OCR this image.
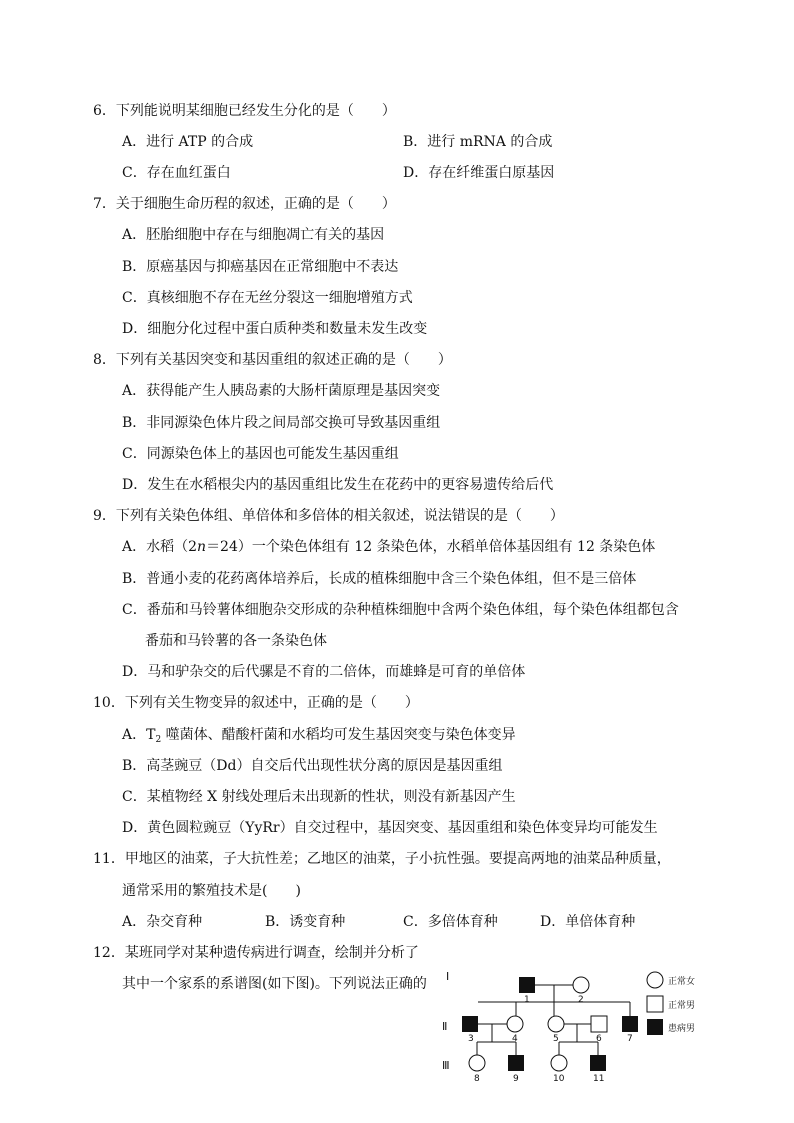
6．下列能说明某细胞已经发生分化的是（　　）
A．进行 ATP 的合成	B．进行 mRNA 的合成
C．存在血红蛋白	D．存在纤维蛋白原基因
7．关于细胞生命历程的叙述，正确的是（　　）
A．胚胎细胞中存在与细胞凋亡有关的基因
B．原癌基因与抑癌基因在正常细胞中不表达
C．真核细胞不存在无丝分裂这一细胞增殖方式
D．细胞分化过程中蛋白质种类和数量未发生改变
8．下列有关基因突变和基因重组的叙述正确的是（　　）
A．获得能产生人胰岛素的大肠杆菌原理是基因突变
B．非同源染色体片段之间局部交换可导致基因重组
C．同源染色体上的基因也可能发生基因重组
D．发生在水稻根尖内的基因重组比发生在花药中的更容易遗传给后代
9．下列有关染色体组、单倍体和多倍体的相关叙述，说法错误的是（　　）
A．水稻（2n＝24）一个染色体组有 12 条染色体，水稻单倍体基因组有 12 条染色体
B．普通小麦的花药离体培养后，长成的植株细胞中含三个染色体组，但不是三倍体
C．番茄和马铃薯体细胞杂交形成的杂种植株细胞中含两个染色体组，每个染色体组都包含
番茄和马铃薯的各一条染色体
D．马和驴杂交的后代骡是不育的二倍体，而雄蜂是可育的单倍体
10．下列有关生物变异的叙述中，正确的是（　　）
A．$T_2$ 噬菌体、醋酸杆菌和水稻均可发生基因突变与染色体变异
B．高茎豌豆（Dd）自交后代出现性状分离的原因是基因重组
C．某植物经 X 射线处理后未出现新的性状，则没有新基因产生
D．黄色圆粒豌豆（YyRr）自交过程中，基因突变、基因重组和染色体变异均可能发生
11．甲地区的油菜，子大抗性差；乙地区的油菜，子小抗性强。要提高两地的油菜品种质量，
通常采用的繁殖技术是(　　)
A．杂交育种	B．诱变育种	C．多倍体育种	D．单倍体育种
12．某班同学对某种遗传病进行调查，绘制并分析了
其中一个家系的系谱图(如下图)。下列说法正确的 I
Ⅱ
Ⅲ
1	2
3	4	5	6	7
8	9	10	11
正常女
正常男
患病男
